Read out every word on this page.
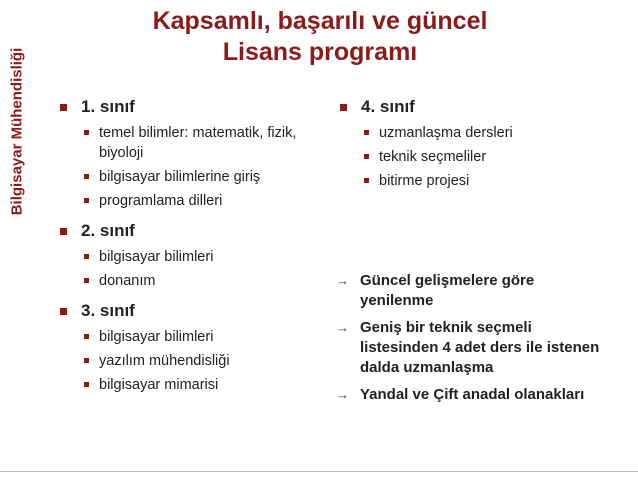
Bilgisayar Mühendisliği
Kapsamlı, başarılı ve güncel
Lisans programı
1. sınıf
temel bilimler: matematik, fizik, biyoloji
bilgisayar bilimlerine giriş
programlama dilleri
2. sınıf
bilgisayar bilimleri
donanım
3. sınıf
bilgisayar bilimleri
yazılım mühendisliği
bilgisayar mimarisi
4. sınıf
uzmanlaşma dersleri
teknik seçmeliler
bitirme projesi
→ Güncel gelişmelere göre yenilenme
→ Geniş bir teknik seçmeli listesinden 4 adet ders ile istenen dalda uzmanlaşma
→ Yandal ve Çift anadal olanakları
